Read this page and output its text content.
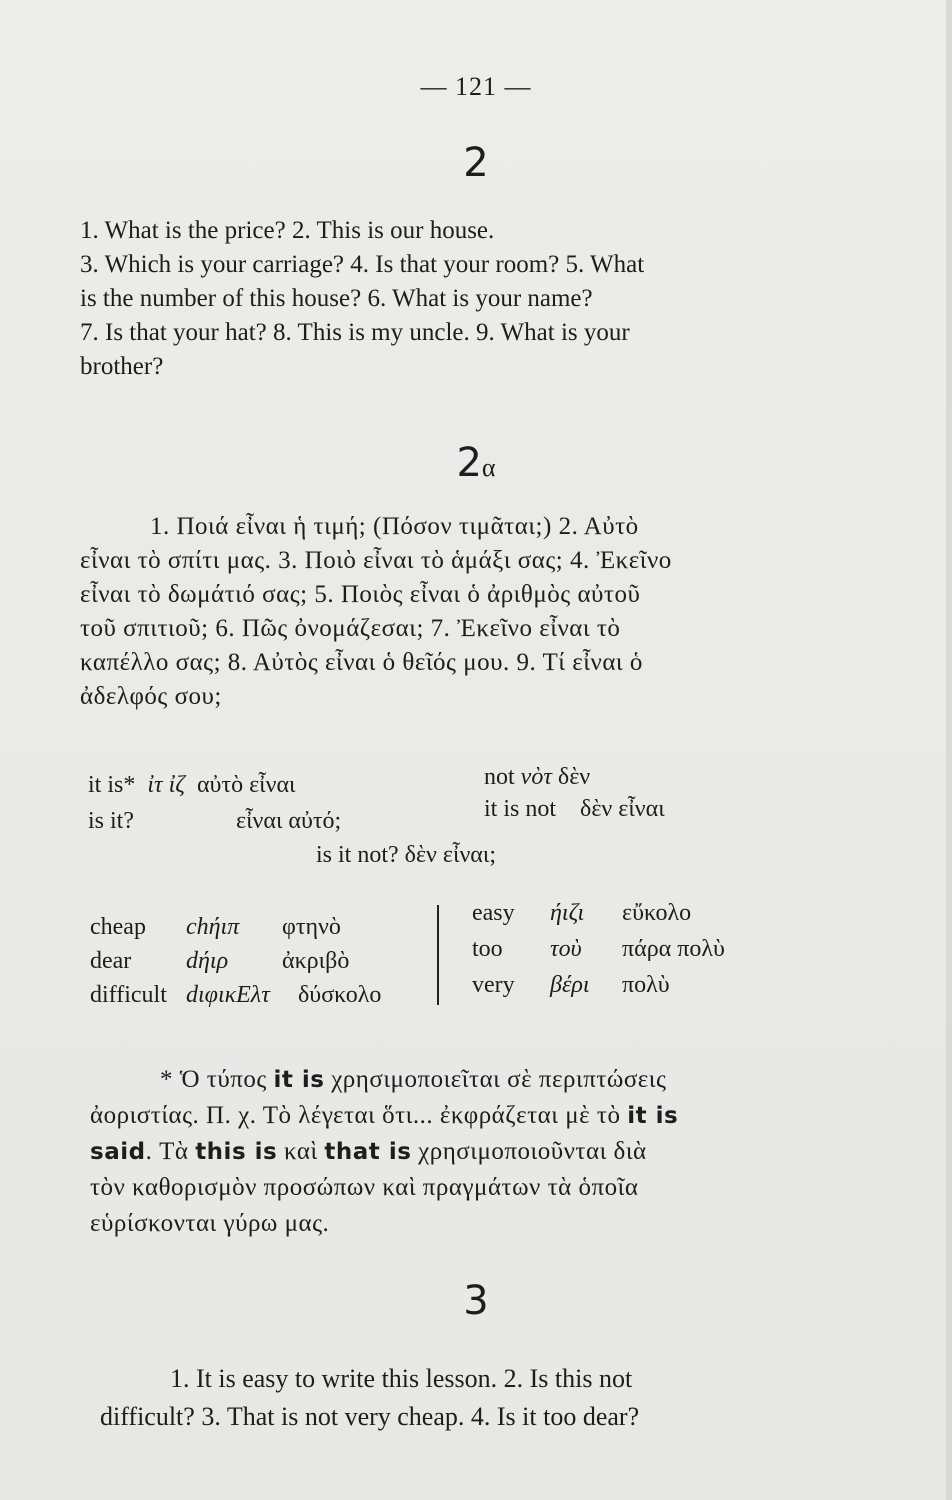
— 121 —
2
1. What is the price? 2. This is our house.
3. Which is your carriage? 4. Is that your room? 5. What
is the number of this house? 6. What is your name?
7. Is that your hat? 8. This is my uncle. 9. What is your
brother?
2α
1. Ποιά εἶναι ἡ τιμή; (Πόσον τιμᾶται;) 2. Αὐτὸ
εἶναι τὸ σπίτι μας. 3. Ποιὸ εἶναι τὸ ἁμάξι σας; 4. Ἐκεῖνο
εἶναι τὸ δωμάτιό σας; 5. Ποιὸς εἶναι ὁ ἀριθμὸς αὐτοῦ
τοῦ σπιτιοῦ; 6. Πῶς ὀνομάζεσαι; 7. Ἐκεῖνο εἶναι τὸ
καπέλλο σας; 8. Αὐτὸς εἶναι ὁ θεῖός μου. 9. Τί εἶναι ὁ
ἀδελφός σου;
it is* ἰτ ἰζ αὐτὸ εἶναι
is it?	εἶναι αὐτό;
not νὸτ δὲν
it is not δὲν εἶναι
is it not? δὲν εἶναι;
cheap chήιπ φτηνὸ
dear dήιρ ἀκριβὸ
difficult dιφικΕλτ δύσκολο
easy ήιζι εὔκολο
too τοὺ πάρα πολὺ
very βέρι πολὺ
* Ὁ τύπος it is χρησιμοποιεῖται σὲ περιπτώσεις
ἀοριστίας. Π. χ. Τὸ λέγεται ὅτι... ἐκφράζεται μὲ τὸ it is
said. Τὰ this is καὶ that is χρησιμοποιοῦνται διὰ
τὸν καθορισμὸν προσώπων καὶ πραγμάτων τὰ ὁποῖα
εὑρίσκονται γύρω μας.
3
1. It is easy to write this lesson. 2. Is this not
difficult? 3. That is not very cheap. 4. Is it too dear?
